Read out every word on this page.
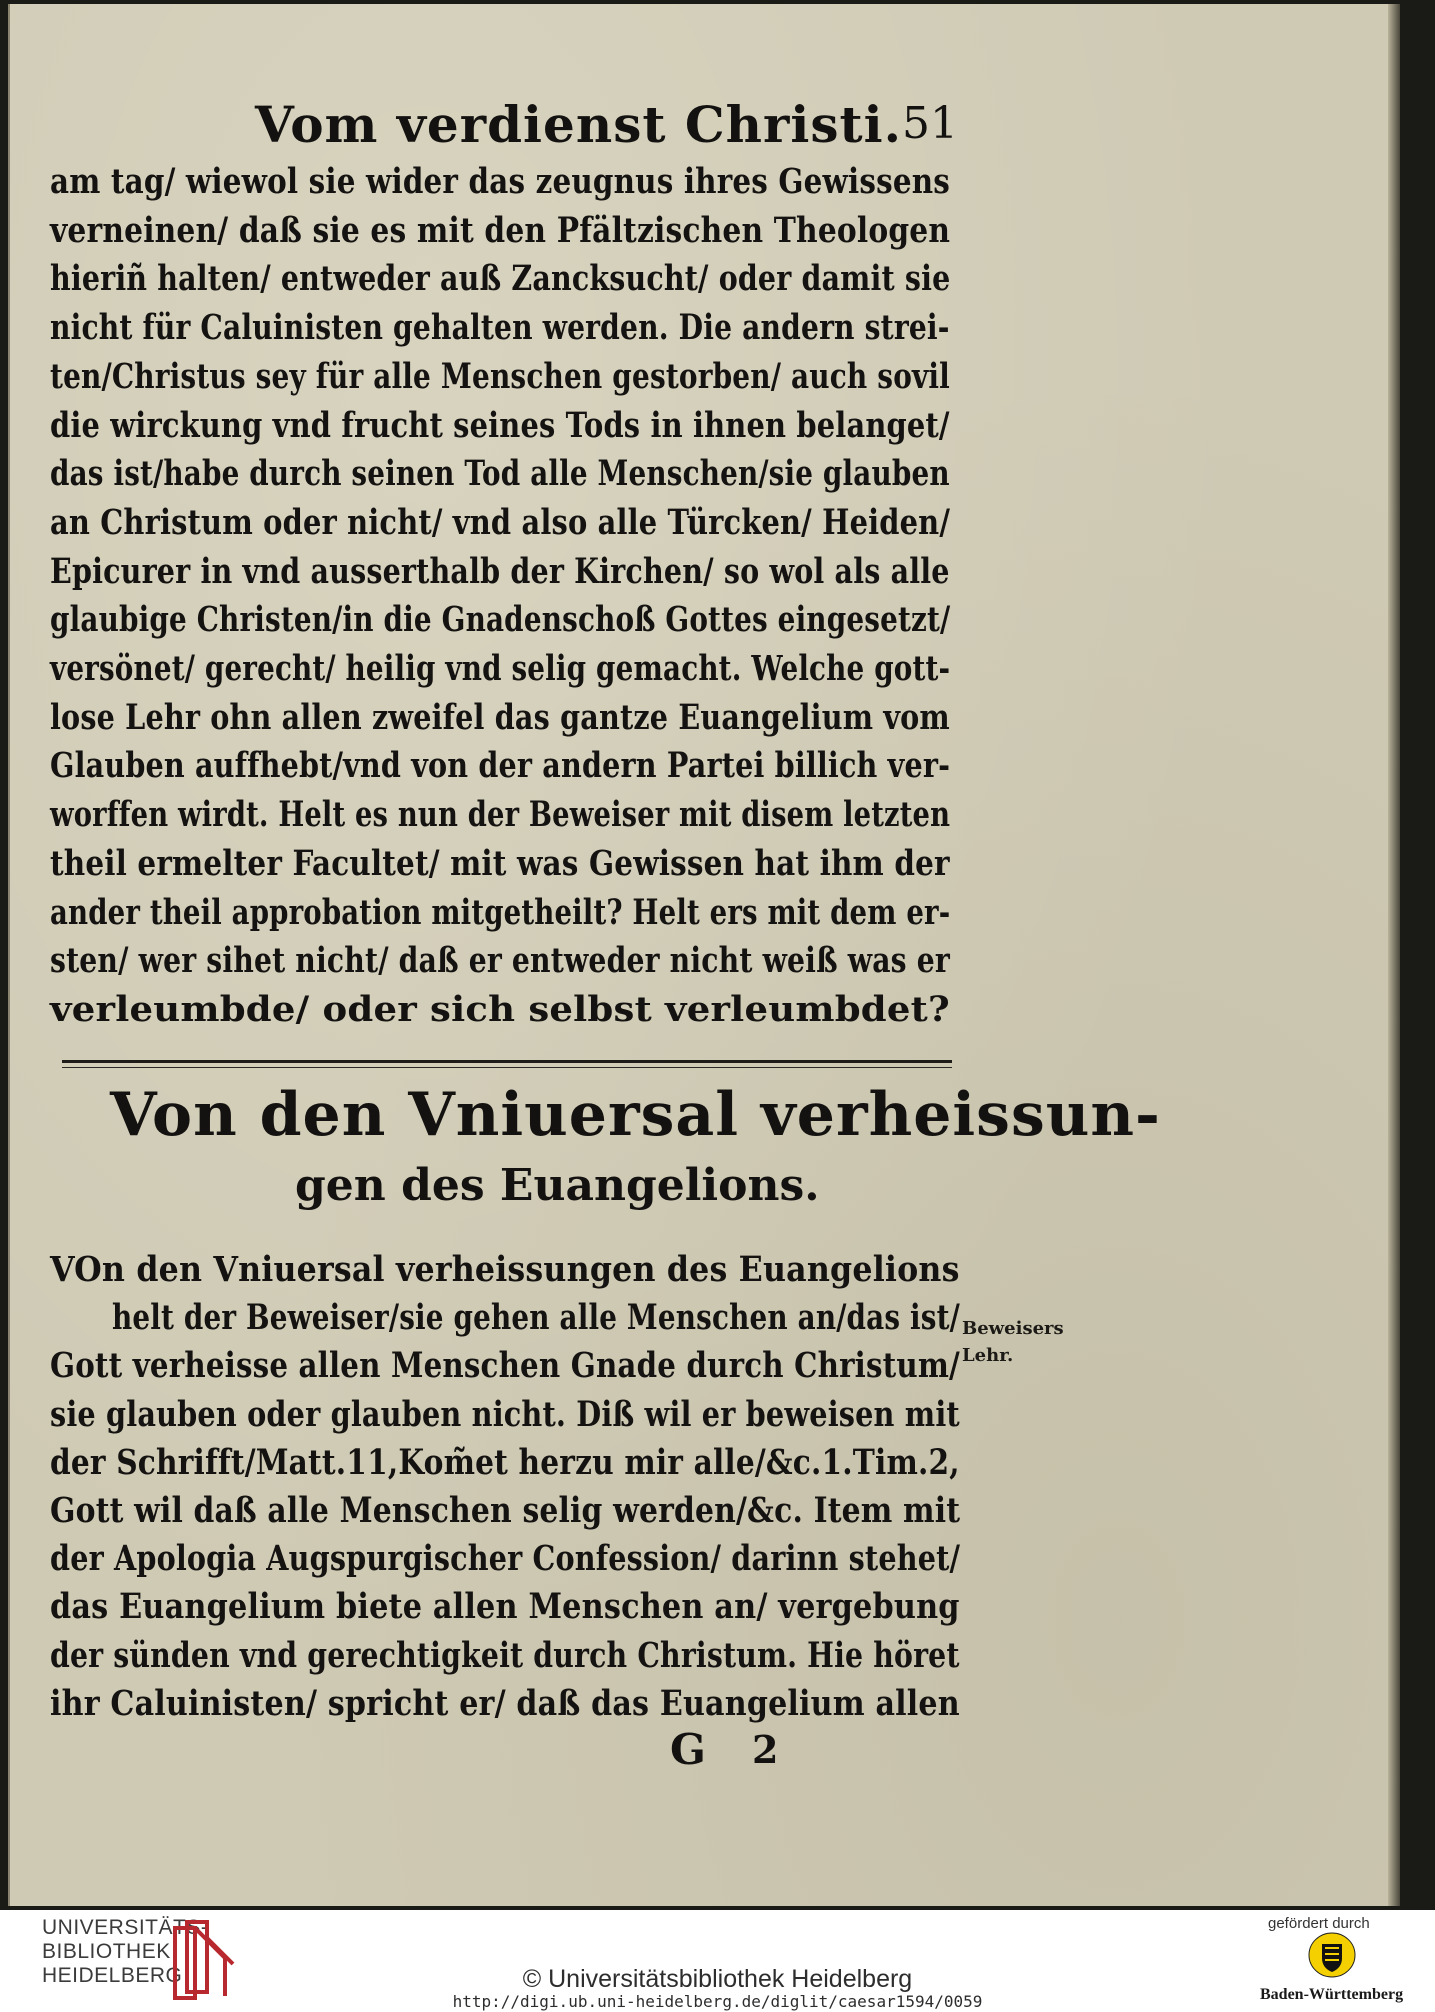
Vom verdienst Christi. 51
am tag/ wiewol sie wider das zeugnus ihres Gewissens
verneinen/ daß sie es mit den Pfältzischen Theologen
hieriñ halten/ entweder auß Zancksucht/ oder damit sie
nicht für Caluinisten gehalten werden. Die andern strei-
ten/Christus sey für alle Menschen gestorben/ auch sovil
die wirckung vnd frucht seines Tods in ihnen belanget/
das ist/habe durch seinen Tod alle Menschen/sie glauben
an Christum oder nicht/ vnd also alle Türcken/ Heiden/
Epicurer in vnd ausserthalb der Kirchen/ so wol als alle
glaubige Christen/in die Gnadenschoß Gottes eingesetzt/
versönet/ gerecht/ heilig vnd selig gemacht. Welche gott-
lose Lehr ohn allen zweifel das gantze Euangelium vom
Glauben auffhebt/vnd von der andern Partei billich ver-
worffen wirdt. Helt es nun der Beweiser mit disem letzten
theil ermelter Facultet/ mit was Gewissen hat ihm der
ander theil approbation mitgetheilt? Helt ers mit dem er-
sten/ wer sihet nicht/ daß er entweder nicht weiß was er
verleumbde/ oder sich selbst verleumbdet?
Von den Vniuersal verheissun-
gen des Euangelions.
VOn den Vniuersal verheissungen des Euangelions
helt der Beweiser/sie gehen alle Menschen an/das ist/
Gott verheisse allen Menschen Gnade durch Christum/
sie glauben oder glauben nicht. Diß wil er beweisen mit
der Schrifft/Matt.11,Kom̃et herzu mir alle/&c.1.Tim.2,
Gott wil daß alle Menschen selig werden/&c. Item mit
der Apologia Augspurgischer Confession/ darinn stehet/
das Euangelium biete allen Menschen an/ vergebung
der sünden vnd gerechtigkeit durch Christum. Hie höret
ihr Caluinisten/ spricht er/ daß das Euangelium allen
Beweisers
Lehr.
G 2
UNIVERSITÄTS-
BIBLIOTHEK
HEIDELBERG	© Universitätsbibliothek Heidelberg
http://digi.ub.uni-heidelberg.de/diglit/caesar1594/0059
gefördert durch
Baden-Württemberg
